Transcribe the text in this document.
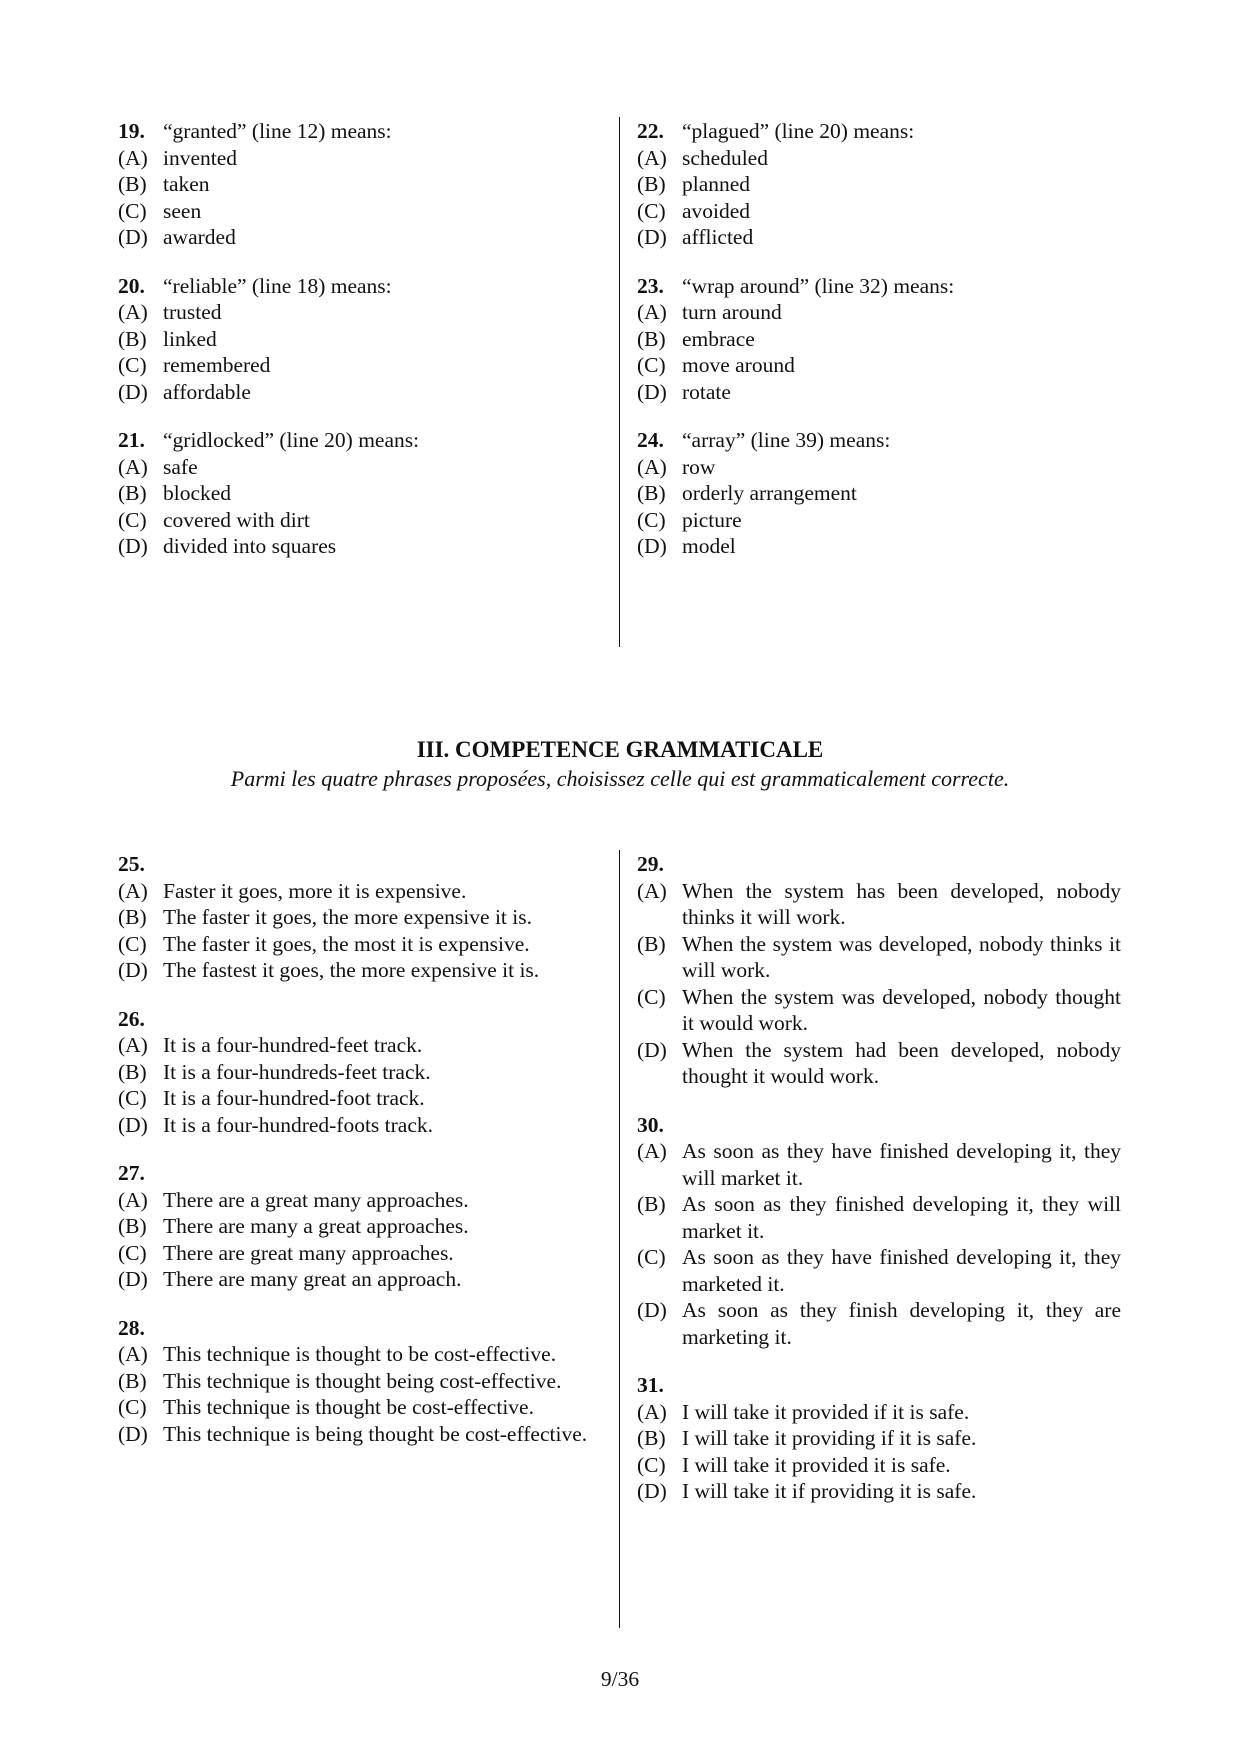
19. “granted” (line 12) means:
(A) invented
(B) taken
(C) seen
(D) awarded
20. “reliable” (line 18) means:
(A) trusted
(B) linked
(C) remembered
(D) affordable
21. “gridlocked” (line 20) means:
(A) safe
(B) blocked
(C) covered with dirt
(D) divided into squares
22. “plagued” (line 20) means:
(A) scheduled
(B) planned
(C) avoided
(D) afflicted
23. “wrap around” (line 32) means:
(A) turn around
(B) embrace
(C) move around
(D) rotate
24. “array” (line 39) means:
(A) row
(B) orderly arrangement
(C) picture
(D) model
III. COMPETENCE GRAMMATICALE
Parmi les quatre phrases proposées, choisissez celle qui est grammaticalement correcte.
25.
(A) Faster it goes, more it is expensive.
(B) The faster it goes, the more expensive it is.
(C) The faster it goes, the most it is expensive.
(D) The fastest it goes, the more expensive it is.
26.
(A) It is a four-hundred-feet track.
(B) It is a four-hundreds-feet track.
(C) It is a four-hundred-foot track.
(D) It is a four-hundred-foots track.
27.
(A) There are a great many approaches.
(B) There are many a great approaches.
(C) There are great many approaches.
(D) There are many great an approach.
28.
(A) This technique is thought to be cost-effective.
(B) This technique is thought being cost-effective.
(C) This technique is thought be cost-effective.
(D) This technique is being thought be cost-effective.
29.
(A) When the system has been developed, nobody thinks it will work.
(B) When the system was developed, nobody thinks it will work.
(C) When the system was developed, nobody thought it would work.
(D) When the system had been developed, nobody thought it would work.
30.
(A) As soon as they have finished developing it, they will market it.
(B) As soon as they finished developing it, they will market it.
(C) As soon as they have finished developing it, they marketed it.
(D) As soon as they finish developing it, they are marketing it.
31.
(A) I will take it provided if it is safe.
(B) I will take it providing if it is safe.
(C) I will take it provided it is safe.
(D) I will take it if providing it is safe.
9/36
